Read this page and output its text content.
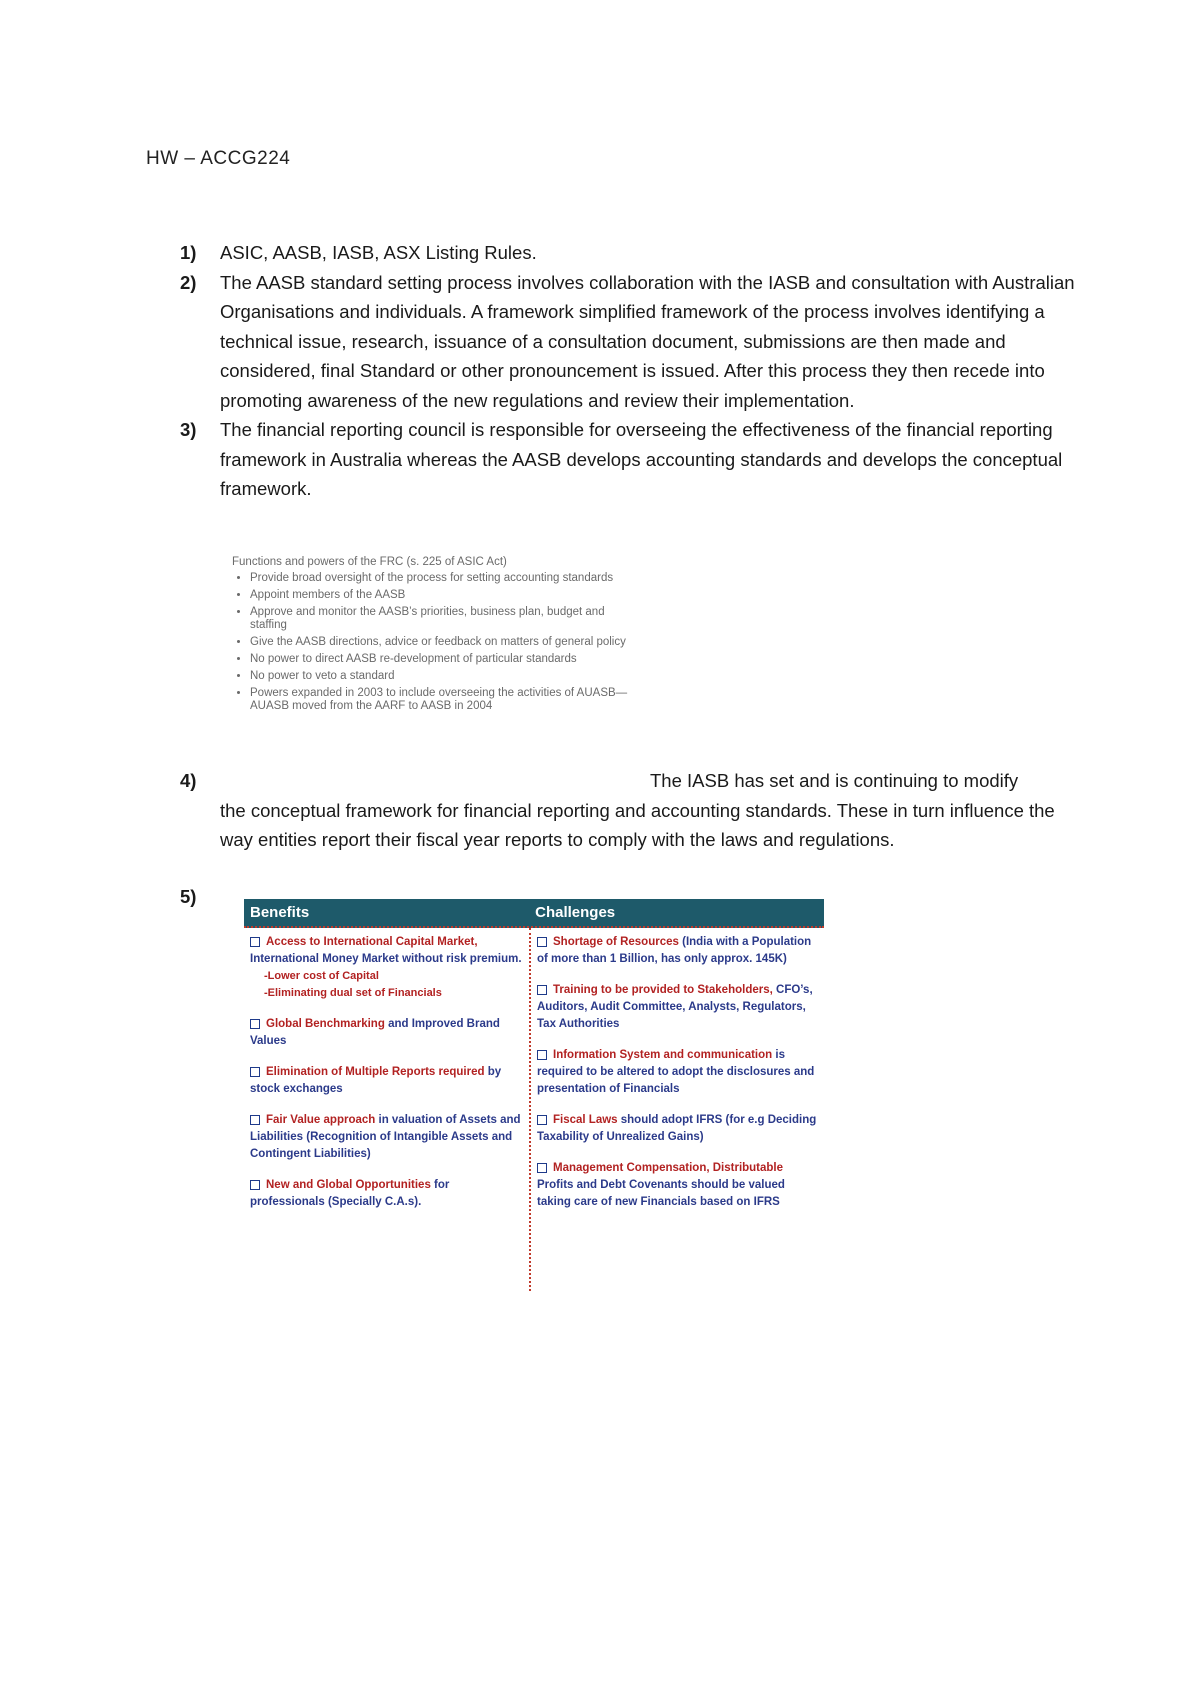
HW – ACCG224
1) ASIC, AASB, IASB, ASX Listing Rules.
2) The AASB standard setting process involves collaboration with the IASB and consultation with Australian Organisations and individuals. A framework simplified framework of the process involves identifying a technical issue, research, issuance of a consultation document, submissions are then made and considered, final Standard or other pronouncement is issued. After this process they then recede into promoting awareness of the new regulations and review their implementation.
3) The financial reporting council is responsible for overseeing the effectiveness of the financial reporting framework in Australia whereas the AASB develops accounting standards and develops the conceptual framework.
Functions and powers of the FRC (s. 225 of ASIC Act)
• Provide broad oversight of the process for setting accounting standards
• Appoint members of the AASB
• Approve and monitor the AASB’s priorities, business plan, budget and staffing
• Give the AASB directions, advice or feedback on matters of general policy
• No power to direct AASB re-development of particular standards
• No power to veto a standard
• Powers expanded in 2003 to include overseeing the activities of AUASB—AUASB moved from the AARF to AASB in 2004
4)	The IASB has set and is continuing to modify
the conceptual framework for financial reporting and accounting standards. These in turn influence the way entities report their fiscal year reports to comply with the laws and regulations.
5)
Benefits	Challenges
Access to International Capital Market, International Money Market without risk premium.
-Lower cost of Capital
-Eliminating dual set of Financials
Global Benchmarking and Improved Brand Values
Elimination of Multiple Reports required by stock exchanges
Fair Value approach in valuation of Assets and Liabilities (Recognition of Intangible Assets and Contingent Liabilities)
New and Global Opportunities for professionals (Specially C.A.s).
Shortage of Resources (India with a Population of more than 1 Billion, has only approx. 145K)
Training to be provided to Stakeholders, CFO’s, Auditors, Audit Committee, Analysts, Regulators, Tax Authorities
Information System and communication is required to be altered to adopt the disclosures and presentation of Financials
Fiscal Laws should adopt IFRS (for e.g Deciding Taxability of Unrealized Gains)
Management Compensation, Distributable Profits and Debt Covenants should be valued taking care of new Financials based on IFRS
